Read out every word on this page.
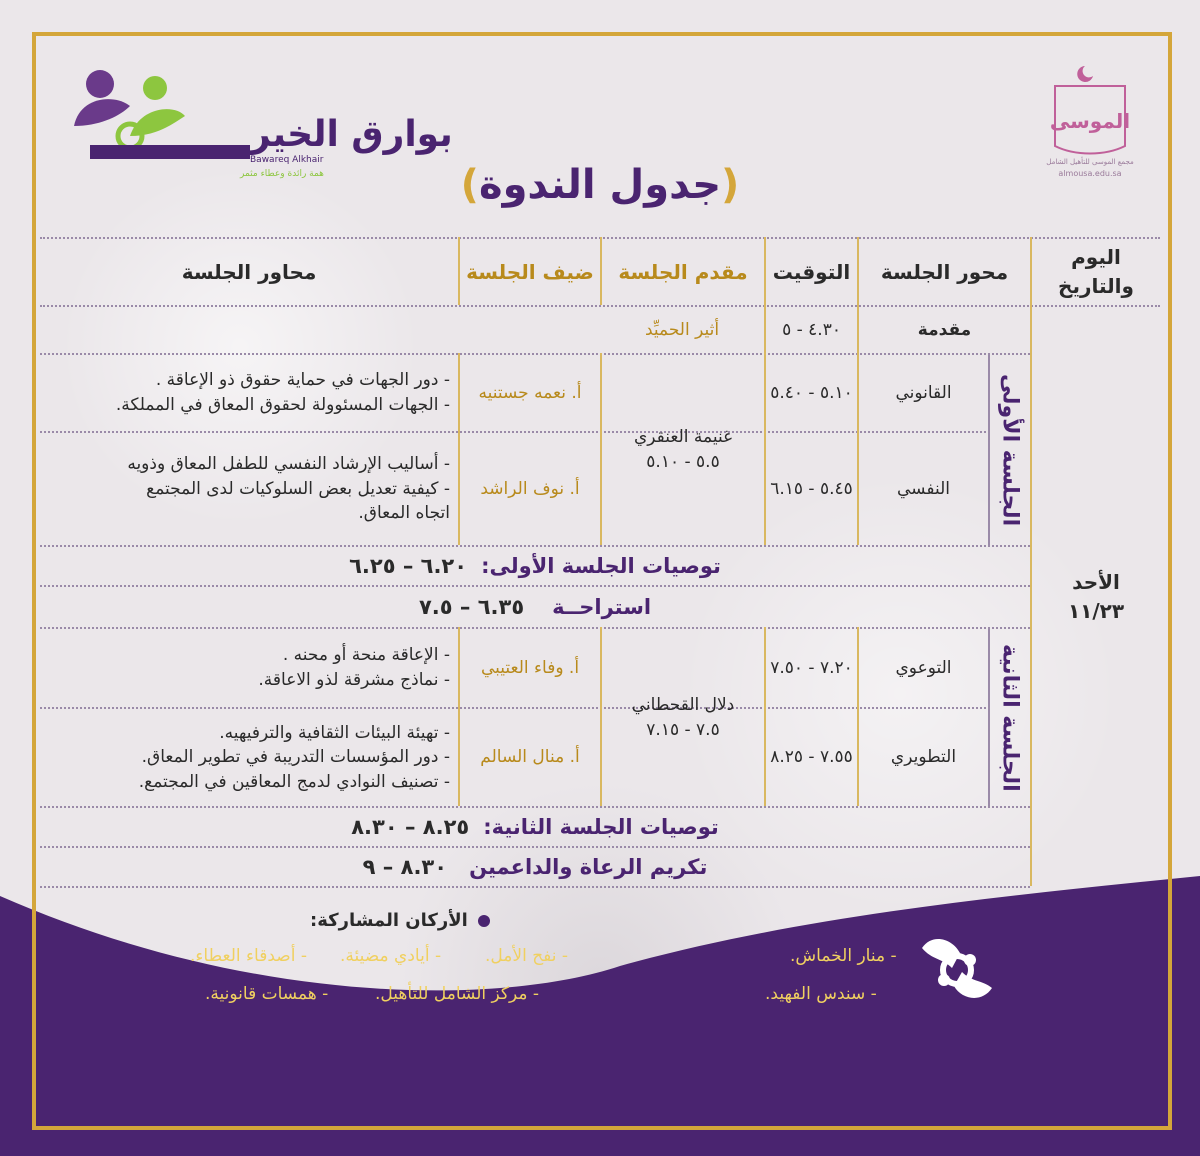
بوارق الخير
Bawareq Alkhair
همة رائدة وعطاء مثمر
الموسى
مجمع الموسى للتأهيل الشامل
almousa.edu.sa
(جدول الندوة)
اليوم والتاريخ
محور الجلسة
التوقيت
مقدم الجلسة
ضيف الجلسة
محاور الجلسة
الأحد
١١/٢٣
مقدمة
٤.٣٠ - ٥
أثير الحميِّد
الجلسة الأولى
القانوني
٥.١٠ - ٥.٤٠
أ. نعمه جستنيه
- دور الجهات في حماية حقوق ذو الإعاقة .
- الجهات المسئوولة لحقوق المعاق في المملكة.
النفسي
٥.٤٥ - ٦.١٥
أ. نوف الراشد
- أساليب الإرشاد النفسي للطفل المعاق وذويه
- كيفية تعديل بعض السلوكيات لدى المجتمع
اتجاه المعاق.
غنيمة العنقري
٥.٥ - ٥.١٠
توصيات الجلسة الأولى:
٦.٢٠ – ٦.٢٥
استراحــة
٦.٣٥ – ٧.٥
الجلسة الثانية
التوعوي
٧.٢٠ - ٧.٥٠
أ. وفاء العتيبي
- الإعاقة منحة أو محنه .
- نماذج مشرقة لذو الاعاقة.
التطويري
٧.٥٥ - ٨.٢٥
أ. منال السالم
- تهيئة البيئات الثقافية والترفيهيه.
- دور المؤسسات التدريبة في تطوير المعاق.
- تصنيف النوادي لدمج المعاقين في المجتمع.
دلال القحطاني
٧.٥ - ٧.١٥
توصيات الجلسة الثانية:
٨.٢٥ – ٨.٣٠
تكريم الرعاة والداعمين
٨.٣٠ – ٩
الأركان المشاركة:
- نفح الأمل.
- أيادي مضيئة.
- أصدقاء العطاء.
- مركز الشامل للتأهيل.
- همسات قانونية.
- منار الخماش.
- سندس الفهيد.
